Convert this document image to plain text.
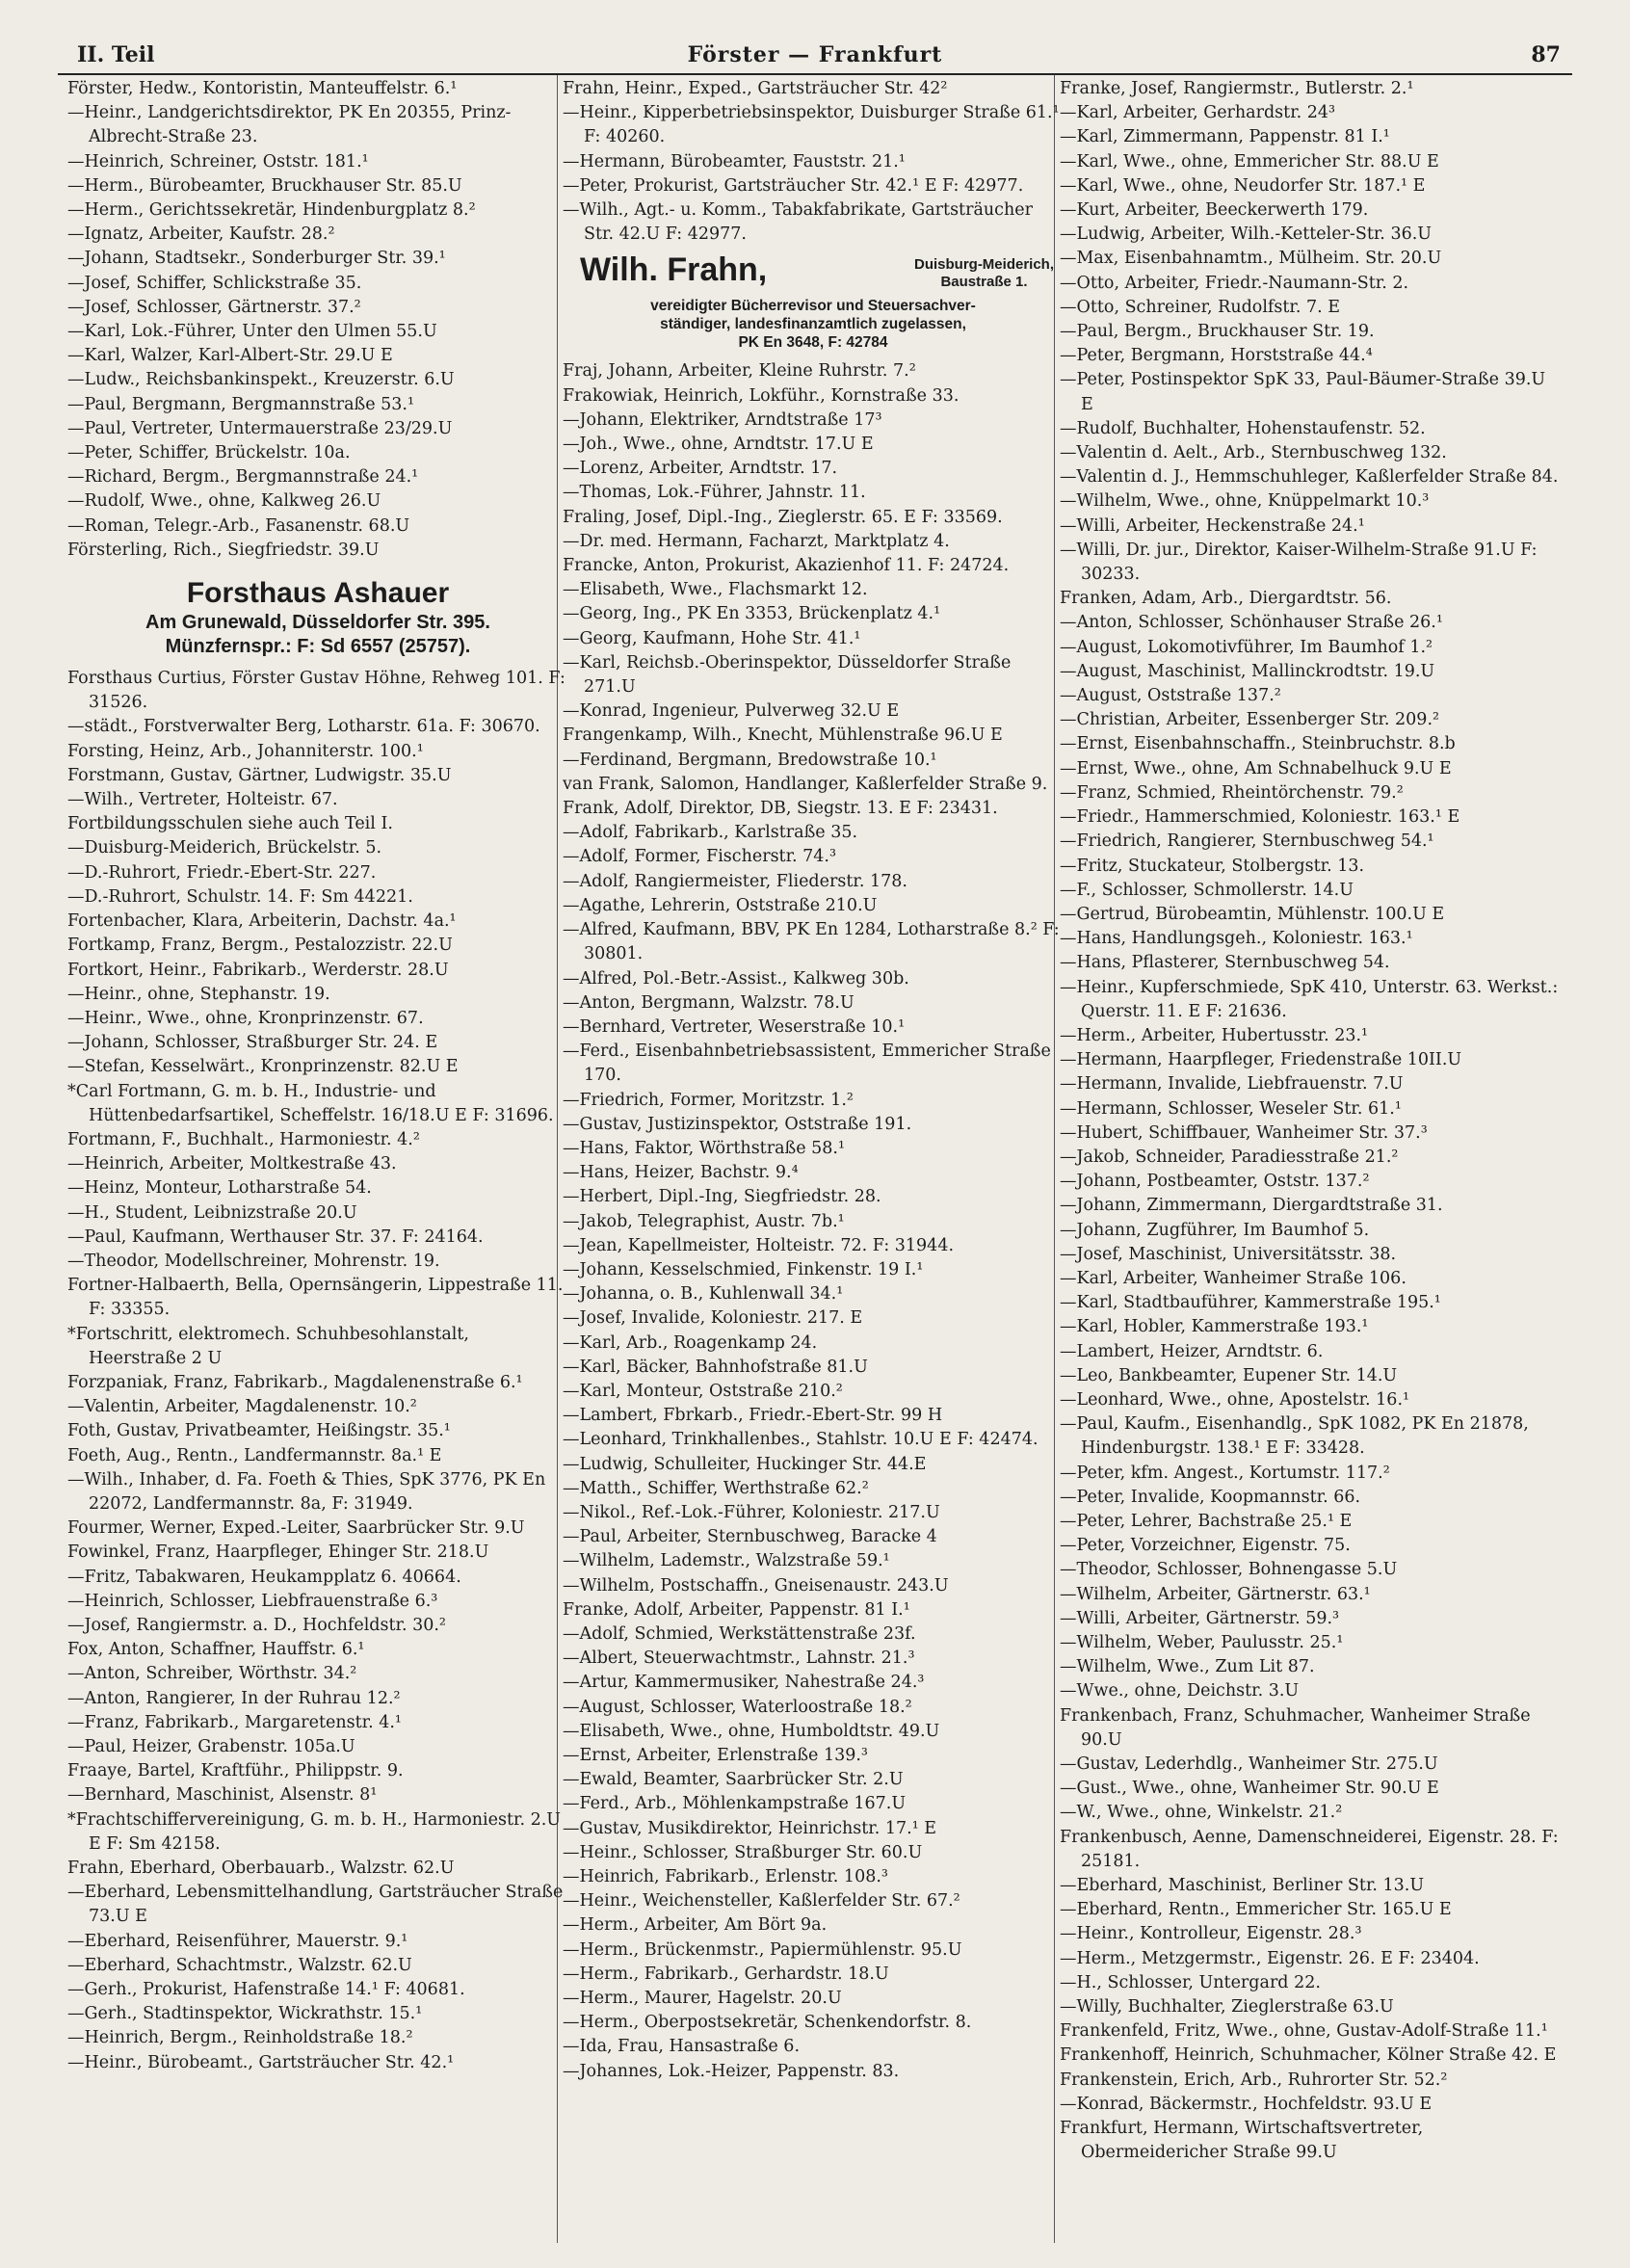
II. Teil	Förster — Frankfurt	87
Förster, Hedw., Kontoristin, Manteuffelstr. 6.¹
—Heinr., Landgerichtsdirektor, PK En 20355, Prinz-Albrecht-Straße 23.
—Heinrich, Schreiner, Oststr. 181.¹
—Herm., Bürobeamter, Bruckhauser Str. 85.U
—Herm., Gerichtssekretär, Hindenburgplatz 8.²
—Ignatz, Arbeiter, Kaufstr. 28.²
—Johann, Stadtsekr., Sonderburger Str. 39.¹
—Josef, Schiffer, Schlickstraße 35.
—Josef, Schlosser, Gärtnerstr. 37.²
—Karl, Lok.-Führer, Unter den Ulmen 55.U
—Karl, Walzer, Karl-Albert-Str. 29.U E
—Ludw., Reichsbankinspekt., Kreuzerstr. 6.U
—Paul, Bergmann, Bergmannstraße 53.¹
—Paul, Vertreter, Untermauerstraße 23/29.U
—Peter, Schiffer, Brückelstr. 10a.
—Richard, Bergm., Bergmannstraße 24.¹
—Rudolf, Wwe., ohne, Kalkweg 26.U
—Roman, Telegr.-Arb., Fasanenstr. 68.U
Försterling, Rich., Siegfriedstr. 39.U
Forsthaus Ashauer
Am Grunewald, Düsseldorfer Str. 395.
Münzfernspr.: F: Sd 6557 (25757).
Forsthaus Curtius, Förster Gustav Höhne, Rehweg 101. F: 31526.
—städt., Forstverwalter Berg, Lotharstr. 61a. F: 30670.
Forsting, Heinz, Arb., Johanniterstr. 100.¹
Forstmann, Gustav, Gärtner, Ludwigstr. 35.U
—Wilh., Vertreter, Holteistr. 67.
Fortbildungsschulen siehe auch Teil I.
—Duisburg-Meiderich, Brückelstr. 5.
—D.-Ruhrort, Friedr.-Ebert-Str. 227.
—D.-Ruhrort, Schulstr. 14. F: Sm 44221.
Fortenbacher, Klara, Arbeiterin, Dachstr. 4a.¹
Fortkamp, Franz, Bergm., Pestalozzistr. 22.U
Fortkort, Heinr., Fabrikarb., Werderstr. 28.U
—Heinr., ohne, Stephanstr. 19.
—Heinr., Wwe., ohne, Kronprinzenstr. 67.
—Johann, Schlosser, Straßburger Str. 24. E
—Stefan, Kesselwärt., Kronprinzenstr. 82.U E
*Carl Fortmann, G. m. b. H., Industrie- und Hüttenbedarfsartikel, Scheffelstr. 16/18.U E F: 31696.
Fortmann, F., Buchhalt., Harmoniestr. 4.²
—Heinrich, Arbeiter, Moltkestraße 43.
—Heinz, Monteur, Lotharstraße 54.
—H., Student, Leibnizstraße 20.U
—Paul, Kaufmann, Werthauser Str. 37. F: 24164.
—Theodor, Modellschreiner, Mohrenstr. 19.
Fortner-Halbaerth, Bella, Opernsängerin, Lippestraße 11. F: 33355.
*Fortschritt, elektromech. Schuhbesohlanstalt, Heerstraße 2 U
Forzpaniak, Franz, Fabrikarb., Magdalenenstraße 6.¹
—Valentin, Arbeiter, Magdalenenstr. 10.²
Foth, Gustav, Privatbeamter, Heißingstr. 35.¹
Foeth, Aug., Rentn., Landfermannstr. 8a.¹ E
—Wilh., Inhaber, d. Fa. Foeth & Thies, SpK 3776, PK En 22072, Landfermannstr. 8a, F: 31949.
Fourmer, Werner, Exped.-Leiter, Saarbrücker Str. 9.U
Fowinkel, Franz, Haarpfleger, Ehinger Str. 218.U
—Fritz, Tabakwaren, Heukampplatz 6. 40664.
—Heinrich, Schlosser, Liebfrauenstraße 6.³
—Josef, Rangiermstr. a. D., Hochfeldstr. 30.²
Fox, Anton, Schaffner, Hauffstr. 6.¹
—Anton, Schreiber, Wörthstr. 34.²
—Anton, Rangierer, In der Ruhrau 12.²
—Franz, Fabrikarb., Margaretenstr. 4.¹
—Paul, Heizer, Grabenstr. 105a.U
Fraaye, Bartel, Kraftführ., Philippstr. 9.
—Bernhard, Maschinist, Alsenstr. 8¹
*Frachtschiffervereinigung, G. m. b. H., Harmoniestr. 2.U E F: Sm 42158.
Frahn, Eberhard, Oberbauarb., Walzstr. 62.U
—Eberhard, Lebensmittelhandlung, Gartsträucher Straße 73.U E
—Eberhard, Reisenführer, Mauerstr. 9.¹
—Eberhard, Schachtmstr., Walzstr. 62.U
—Gerh., Prokurist, Hafenstraße 14.¹ F: 40681.
—Gerh., Stadtinspektor, Wickrathstr. 15.¹
—Heinrich, Bergm., Reinholdstraße 18.²
—Heinr., Bürobeamt., Gartsträucher Str. 42.¹
Frahn, Heinr., Exped., Gartsträucher Str. 42²
—Heinr., Kipperbetriebsinspektor, Duisburger Straße 61.¹ F: 40260.
—Hermann, Bürobeamter, Fauststr. 21.¹
—Peter, Prokurist, Gartsträucher Str. 42.¹ E F: 42977.
—Wilh., Agt.- u. Komm., Tabakfabrikate, Gartsträucher Str. 42.U F: 42977.
Wilh. Frahn,	Duisburg-Meiderich,
Baustraße 1.
vereidigter Bücherrevisor und Steuersachver-
ständiger, landesfinanzamtlich zugelassen,
PK En 3648, F: 42784
Fraj, Johann, Arbeiter, Kleine Ruhrstr. 7.²
Frakowiak, Heinrich, Lokführ., Kornstraße 33.
—Johann, Elektriker, Arndtstraße 17³
—Joh., Wwe., ohne, Arndtstr. 17.U E
—Lorenz, Arbeiter, Arndtstr. 17.
—Thomas, Lok.-Führer, Jahnstr. 11.
Fraling, Josef, Dipl.-Ing., Zieglerstr. 65. E F: 33569.
—Dr. med. Hermann, Facharzt, Marktplatz 4.
Francke, Anton, Prokurist, Akazienhof 11. F: 24724.
—Elisabeth, Wwe., Flachsmarkt 12.
—Georg, Ing., PK En 3353, Brückenplatz 4.¹
—Georg, Kaufmann, Hohe Str. 41.¹
—Karl, Reichsb.-Oberinspektor, Düsseldorfer Straße 271.U
—Konrad, Ingenieur, Pulverweg 32.U E
Frangenkamp, Wilh., Knecht, Mühlenstraße 96.U E
—Ferdinand, Bergmann, Bredowstraße 10.¹
van Frank, Salomon, Handlanger, Kaßlerfelder Straße 9.
Frank, Adolf, Direktor, DB, Siegstr. 13. E F: 23431.
—Adolf, Fabrikarb., Karlstraße 35.
—Adolf, Former, Fischerstr. 74.³
—Adolf, Rangiermeister, Fliederstr. 178.
—Agathe, Lehrerin, Oststraße 210.U
—Alfred, Kaufmann, BBV, PK En 1284, Lotharstraße 8.² F: 30801.
—Alfred, Pol.-Betr.-Assist., Kalkweg 30b.
—Anton, Bergmann, Walzstr. 78.U
—Bernhard, Vertreter, Weserstraße 10.¹
—Ferd., Eisenbahnbetriebsassistent, Emmericher Straße 170.
—Friedrich, Former, Moritzstr. 1.²
—Gustav, Justizinspektor, Oststraße 191.
—Hans, Faktor, Wörthstraße 58.¹
—Hans, Heizer, Bachstr. 9.⁴
—Herbert, Dipl.-Ing, Siegfriedstr. 28.
—Jakob, Telegraphist, Austr. 7b.¹
—Jean, Kapellmeister, Holteistr. 72. F: 31944.
—Johann, Kesselschmied, Finkenstr. 19 I.¹
—Johanna, o. B., Kuhlenwall 34.¹
—Josef, Invalide, Koloniestr. 217. E
—Karl, Arb., Roagenkamp 24.
—Karl, Bäcker, Bahnhofstraße 81.U
—Karl, Monteur, Oststraße 210.²
—Lambert, Fbrkarb., Friedr.-Ebert-Str. 99 H
—Leonhard, Trinkhallenbes., Stahlstr. 10.U E F: 42474.
—Ludwig, Schulleiter, Huckinger Str. 44.E
—Matth., Schiffer, Werthstraße 62.²
—Nikol., Ref.-Lok.-Führer, Koloniestr. 217.U
—Paul, Arbeiter, Sternbuschweg, Baracke 4
—Wilhelm, Lademstr., Walzstraße 59.¹
—Wilhelm, Postschaffn., Gneisenaustr. 243.U
Franke, Adolf, Arbeiter, Pappenstr. 81 I.¹
—Adolf, Schmied, Werkstättenstraße 23f.
—Albert, Steuerwachtmstr., Lahnstr. 21.³
—Artur, Kammermusiker, Nahestraße 24.³
—August, Schlosser, Waterloostraße 18.²
—Elisabeth, Wwe., ohne, Humboldtstr. 49.U
—Ernst, Arbeiter, Erlenstraße 139.³
—Ewald, Beamter, Saarbrücker Str. 2.U
—Ferd., Arb., Möhlenkampstraße 167.U
—Gustav, Musikdirektor, Heinrichstr. 17.¹ E
—Heinr., Schlosser, Straßburger Str. 60.U
—Heinrich, Fabrikarb., Erlenstr. 108.³
—Heinr., Weichensteller, Kaßlerfelder Str. 67.²
—Herm., Arbeiter, Am Bört 9a.
—Herm., Brückenmstr., Papiermühlenstr. 95.U
—Herm., Fabrikarb., Gerhardstr. 18.U
—Herm., Maurer, Hagelstr. 20.U
—Herm., Oberpostsekretär, Schenkendorfstr. 8.
—Ida, Frau, Hansastraße 6.
—Johannes, Lok.-Heizer, Pappenstr. 83.
Franke, Josef, Rangiermstr., Butlerstr. 2.¹
—Karl, Arbeiter, Gerhardstr. 24³
—Karl, Zimmermann, Pappenstr. 81 I.¹
—Karl, Wwe., ohne, Emmericher Str. 88.U E
—Karl, Wwe., ohne, Neudorfer Str. 187.¹ E
—Kurt, Arbeiter, Beeckerwerth 179.
—Ludwig, Arbeiter, Wilh.-Ketteler-Str. 36.U
—Max, Eisenbahnamtm., Mülheim. Str. 20.U
—Otto, Arbeiter, Friedr.-Naumann-Str. 2.
—Otto, Schreiner, Rudolfstr. 7. E
—Paul, Bergm., Bruckhauser Str. 19.
—Peter, Bergmann, Horststraße 44.⁴
—Peter, Postinspektor SpK 33, Paul-Bäumer-Straße 39.U E
—Rudolf, Buchhalter, Hohenstaufenstr. 52.
—Valentin d. Aelt., Arb., Sternbuschweg 132.
—Valentin d. J., Hemmschuhleger, Kaßlerfelder Straße 84.
—Wilhelm, Wwe., ohne, Knüppelmarkt 10.³
—Willi, Arbeiter, Heckenstraße 24.¹
—Willi, Dr. jur., Direktor, Kaiser-Wilhelm-Straße 91.U F: 30233.
Franken, Adam, Arb., Diergardtstr. 56.
—Anton, Schlosser, Schönhauser Straße 26.¹
—August, Lokomotivführer, Im Baumhof 1.²
—August, Maschinist, Mallinckrodtstr. 19.U
—August, Oststraße 137.²
—Christian, Arbeiter, Essenberger Str. 209.²
—Ernst, Eisenbahnschaffn., Steinbruchstr. 8.b
—Ernst, Wwe., ohne, Am Schnabelhuck 9.U E
—Franz, Schmied, Rheintörchenstr. 79.²
—Friedr., Hammerschmied, Koloniestr. 163.¹ E
—Friedrich, Rangierer, Sternbuschweg 54.¹
—Fritz, Stuckateur, Stolbergstr. 13.
—F., Schlosser, Schmollerstr. 14.U
—Gertrud, Bürobeamtin, Mühlenstr. 100.U E
—Hans, Handlungsgeh., Koloniestr. 163.¹
—Hans, Pflasterer, Sternbuschweg 54.
—Heinr., Kupferschmiede, SpK 410, Unterstr. 63. Werkst.: Querstr. 11. E F: 21636.
—Herm., Arbeiter, Hubertusstr. 23.¹
—Hermann, Haarpfleger, Friedenstraße 10II.U
—Hermann, Invalide, Liebfrauenstr. 7.U
—Hermann, Schlosser, Weseler Str. 61.¹
—Hubert, Schiffbauer, Wanheimer Str. 37.³
—Jakob, Schneider, Paradiesstraße 21.²
—Johann, Postbeamter, Oststr. 137.²
—Johann, Zimmermann, Diergardtstraße 31.
—Johann, Zugführer, Im Baumhof 5.
—Josef, Maschinist, Universitätsstr. 38.
—Karl, Arbeiter, Wanheimer Straße 106.
—Karl, Stadtbauführer, Kammerstraße 195.¹
—Karl, Hobler, Kammerstraße 193.¹
—Lambert, Heizer, Arndtstr. 6.
—Leo, Bankbeamter, Eupener Str. 14.U
—Leonhard, Wwe., ohne, Apostelstr. 16.¹
—Paul, Kaufm., Eisenhandlg., SpK 1082, PK En 21878, Hindenburgstr. 138.¹ E F: 33428.
—Peter, kfm. Angest., Kortumstr. 117.²
—Peter, Invalide, Koopmannstr. 66.
—Peter, Lehrer, Bachstraße 25.¹ E
—Peter, Vorzeichner, Eigenstr. 75.
—Theodor, Schlosser, Bohnengasse 5.U
—Wilhelm, Arbeiter, Gärtnerstr. 63.¹
—Willi, Arbeiter, Gärtnerstr. 59.³
—Wilhelm, Weber, Paulusstr. 25.¹
—Wilhelm, Wwe., Zum Lit 87.
—Wwe., ohne, Deichstr. 3.U
Frankenbach, Franz, Schuhmacher, Wanheimer Straße 90.U
—Gustav, Lederhdlg., Wanheimer Str. 275.U
—Gust., Wwe., ohne, Wanheimer Str. 90.U E
—W., Wwe., ohne, Winkelstr. 21.²
Frankenbusch, Aenne, Damenschneiderei, Eigenstr. 28. F: 25181.
—Eberhard, Maschinist, Berliner Str. 13.U
—Eberhard, Rentn., Emmericher Str. 165.U E
—Heinr., Kontrolleur, Eigenstr. 28.³
—Herm., Metzgermstr., Eigenstr. 26. E F: 23404.
—H., Schlosser, Untergard 22.
—Willy, Buchhalter, Zieglerstraße 63.U
Frankenfeld, Fritz, Wwe., ohne, Gustav-Adolf-Straße 11.¹
Frankenhoff, Heinrich, Schuhmacher, Kölner Straße 42. E
Frankenstein, Erich, Arb., Ruhrorter Str. 52.²
—Konrad, Bäckermstr., Hochfeldstr. 93.U E
Frankfurt, Hermann, Wirtschaftsvertreter, Obermeidericher Straße 99.U
